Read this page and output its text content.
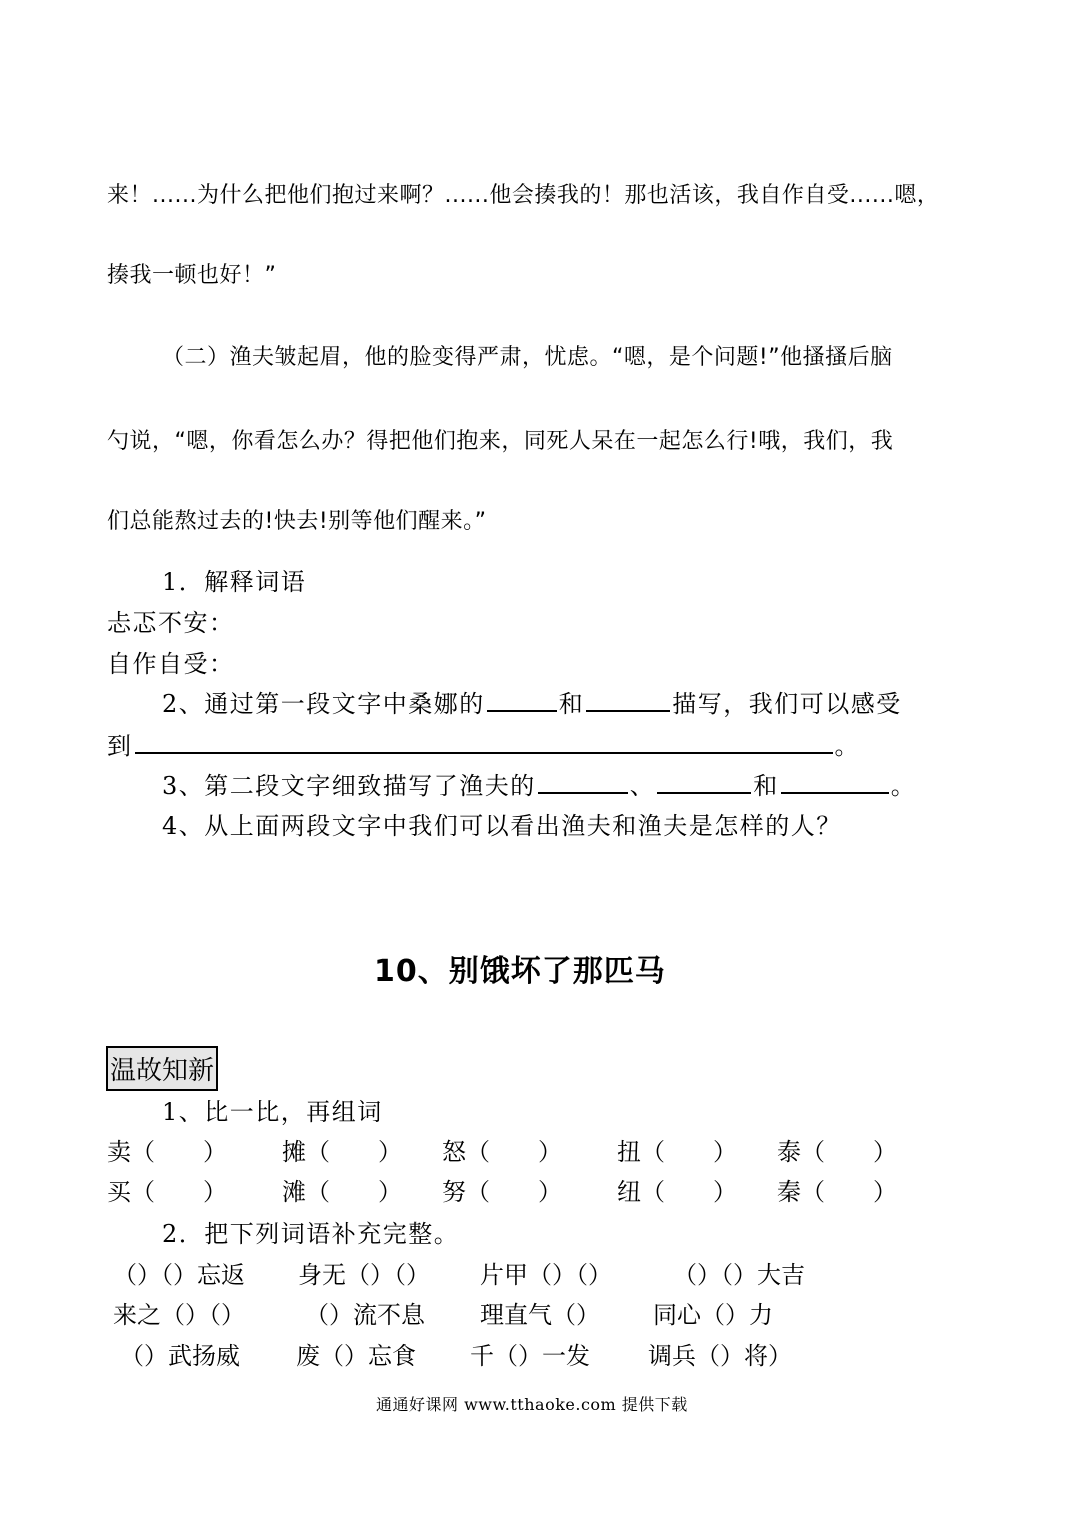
来！......为什么把他们抱过来啊？......他会揍我的！那也活该，我自作自受......嗯，
揍我一顿也好！”
（二）渔夫皱起眉，他的脸变得严肃，忧虑。“嗯，是个问题!”他搔搔后脑
勺说，“嗯，你看怎么办？得把他们抱来，同死人呆在一起怎么行!哦，我们，我
们总能熬过去的!快去!别等他们醒来。”
1．解释词语
忐忑不安：
自作自受：
2、通过第一段文字中桑娜的	和	描写，我们可以感受
到	。
3、第二段文字细致描写了渔夫的	、	和	。
4、从上面两段文字中我们可以看出渔夫和渔夫是怎样的人？
10、别饿坏了那匹马
温故知新
1、比一比，再组词
卖（　　） 摊（　　） 怒（　　） 扭（　　） 泰（　　）
买（　　） 滩（　　） 努（　　） 纽（　　） 秦（　　）
2．把下列词语补充完整。
（）（）忘返 身无（）（） 片甲（）（）	（）（）大吉
来之（）（）	（）流不息 理直气（） 同心（）力
（）武扬威 废（）忘食 千（）一发 调兵（）将）
通通好课网 www.tthaoke.com 提供下载
